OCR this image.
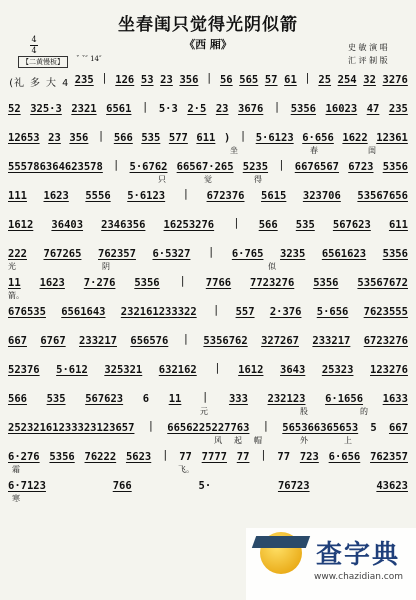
坐春闺只觉得光阴似箭
《西 厢》	史 敏 演 唱
汇 评 制 版
4
4
【二黄慢板】	ˇ ˇ″ 14″
(礼 多 大 4 235 | 126 53 23 356 | 56 565 57 61 | 25 254 32 3276
52 325·3 2321 6561 | 5·3 2·5 23 3676 | 5356 16023 47 235
12653 23 356 | 566 535 577 611 ) | 5·6123 6·656 1622 12361
坐	春	闺
555786364623578 | 5·6762 66567·265 5235 | 6676567 6723 5356
只	觉	得
111 1623 5556 5·6123 | 672376 5615 323706 53567656
1612 36403 2346356 16253276 | 566 535 567623 611
222 767265 762357 6·5327 | 6·765 3235 6561623 5356
光	阴	似
11 1623 7·276 5356 | 7766 7723276 5356 53567672
箭。
676535 6561643 232161233322 | 557 2·376 5·656 7623555
667 6767 233217 656576 | 5356762 327267 233217 6723276
52376 5·612 325321 632162 | 1612 3643 25323 123276
566 535 567623 6 11 | 333 232123 6·1656 1633
元	股	的
25232161233323123657 | 6656225227763 | 565366365653 5 667
风 起 帽	外	上
6·276 5356 76222 5623 | 77 7777 77 | 77 723 6·656 762357
霜	飞。
6·7123	766	5·	76723	43623
寒
查字典
www.chazidian.com
